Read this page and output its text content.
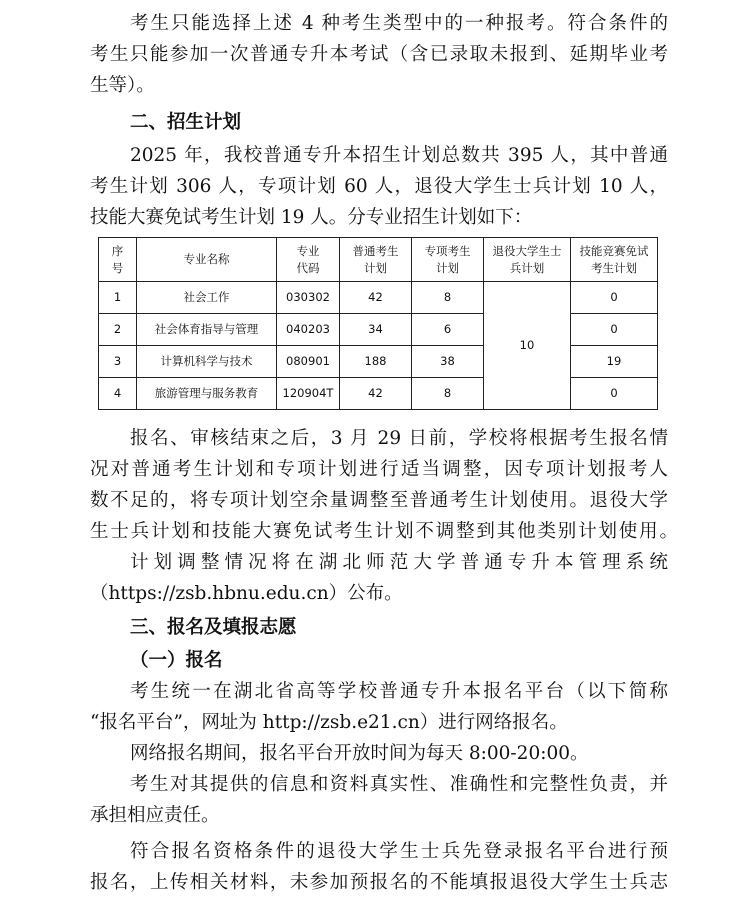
考生只能选择上述 4 种考生类型中的一种报考。符合条件的
考生只能参加一次普通专升本考试（含已录取未报到、延期毕业考
生等）。
二、招生计划
2025 年，我校普通专升本招生计划总数共 395 人，其中普通
考生计划 306 人，专项计划 60 人，退役大学生士兵计划 10 人，
技能大赛免试考生计划 19 人。分专业招生计划如下：
序号	专业名称	专业代码	普通考生计划	专项考生计划	退役大学生士兵计划	技能竞赛免试考生计划

1	社会工作	030302	42	8	10	0
2	社会体育指导与管理	040203	34	6		0
3	计算机科学与技术	080901	188	38		19
4	旅游管理与服务教育	120904T	42	8		0
报名、审核结束之后，3 月 29 日前，学校将根据考生报名情
况对普通考生计划和专项计划进行适当调整，因专项计划报考人
数不足的，将专项计划空余量调整至普通考生计划使用。退役大学
生士兵计划和技能大赛免试考生计划不调整到其他类别计划使用。
计划调整情况将在湖北师范大学普通专升本管理系统
（https://zsb.hbnu.edu.cn）公布。
三、报名及填报志愿
（一）报名
考生统一在湖北省高等学校普通专升本报名平台（以下简称
“报名平台”，网址为 http://zsb.e21.cn）进行网络报名。
网络报名期间，报名平台开放时间为每天 8:00-20:00。
考生对其提供的信息和资料真实性、准确性和完整性负责，并
承担相应责任。
符合报名资格条件的退役大学生士兵先登录报名平台进行预
报名，上传相关材料，未参加预报名的不能填报退役大学生士兵志
